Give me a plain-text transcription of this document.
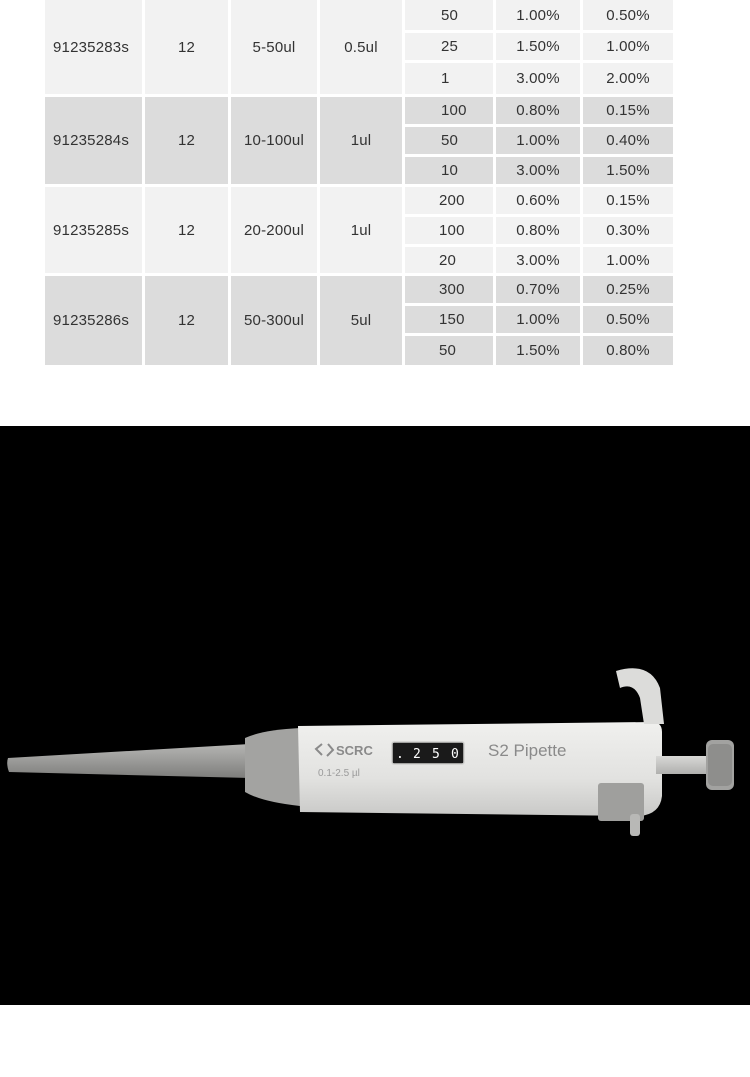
91235283s	12	5-50ul	0.5ul
50	1.00%	0.50%
25	1.50%	1.00%
1	3.00%	2.00%
91235284s	12	10-100ul	1ul
100	0.80%	0.15%
50	1.00%	0.40%
10	3.00%	1.50%
91235285s	12	20-200ul	1ul
200	0.60%	0.15%
100	0.80%	0.30%
20	3.00%	1.00%
91235286s	12	50-300ul	5ul
300	0.70%	0.25%
150	1.00%	0.50%
50	1.50%	0.80%
. 2 5 0
SCRC
0.1-2.5 µl
S2 Pipette
